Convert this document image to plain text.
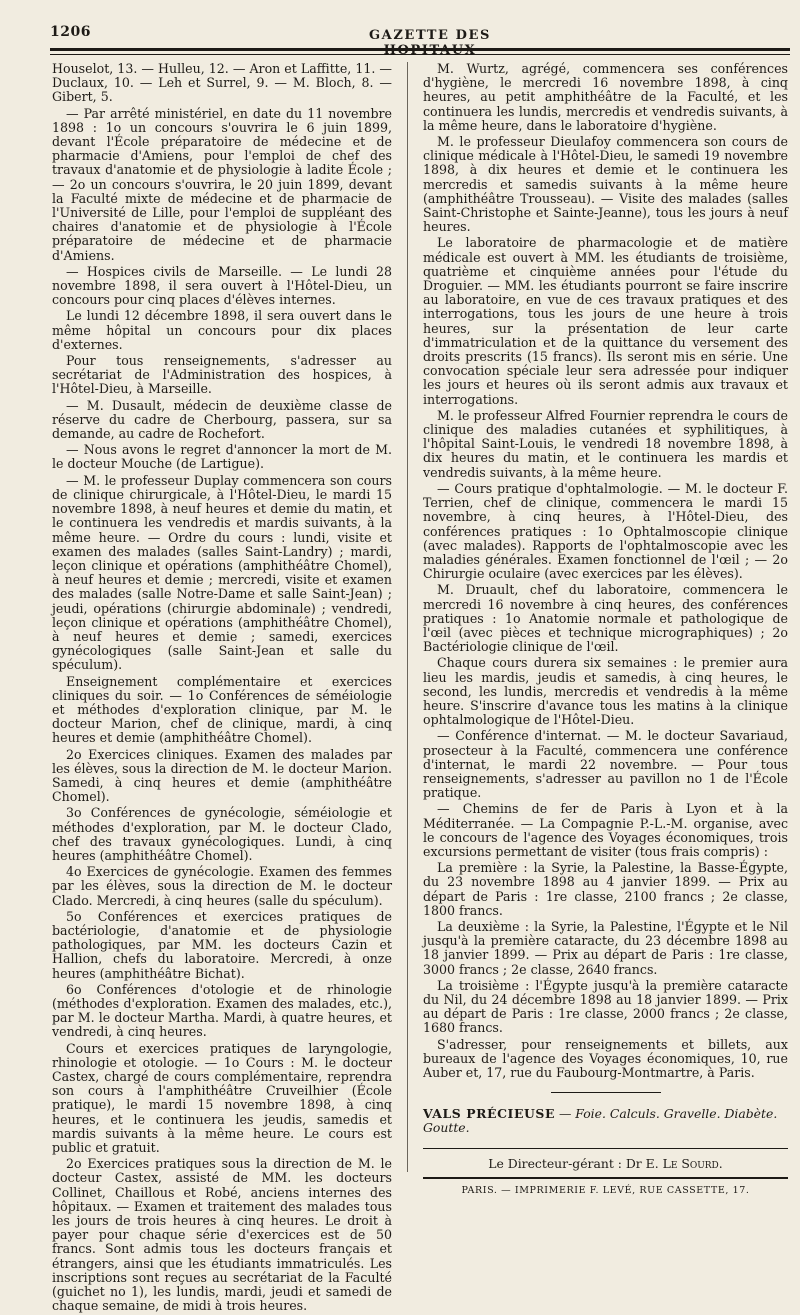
1206	GAZETTE DES HOPITAUX

Houselot, 13. — Hulleu, 12. — Aron et Laffitte, 11. — Duclaux, 10. — Leh et Surrel, 9. — M. Bloch, 8. — Gibert, 5.

— Par arrêté ministériel, en date du 11 novembre 1898 : 1o un concours s'ouvrira le 6 juin 1899, devant l'École préparatoire de médecine et de pharmacie d'Amiens, pour l'emploi de chef des travaux d'anatomie et de physiologie à ladite École ; — 2o un concours s'ouvrira, le 20 juin 1899, devant la Faculté mixte de médecine et de pharmacie de l'Université de Lille, pour l'emploi de suppléant des chaires d'anatomie et de physiologie à l'École préparatoire de médecine et de pharmacie d'Amiens.

— Hospices civils de Marseille. — Le lundi 28 novembre 1898, il sera ouvert à l'Hôtel-Dieu, un concours pour cinq places d'élèves internes.

Le lundi 12 décembre 1898, il sera ouvert dans le même hôpital un concours pour dix places d'externes.

Pour tous renseignements, s'adresser au secrétariat de l'Administration des hospices, à l'Hôtel-Dieu, à Marseille.

— M. Dusault, médecin de deuxième classe de réserve du cadre de Cherbourg, passera, sur sa demande, au cadre de Rochefort.

— Nous avons le regret d'annoncer la mort de M. le docteur Mouche (de Lartigue).

— M. le professeur Duplay commencera son cours de clinique chirurgicale, à l'Hôtel-Dieu, le mardi 15 novembre 1898, à neuf heures et demie du matin, et le continuera les vendredis et mardis suivants, à la même heure. — Ordre du cours : lundi, visite et examen des malades (salles Saint-Landry) ; mardi, leçon clinique et opérations (amphithéâtre Chomel), à neuf heures et demie ; mercredi, visite et examen des malades (salle Notre-Dame et salle Saint-Jean) ; jeudi, opérations (chirurgie abdominale) ; vendredi, leçon clinique et opérations (amphithéâtre Chomel), à neuf heures et demie ; samedi, exercices gynécologiques (salle Saint-Jean et salle du spéculum).

Enseignement complémentaire et exercices cliniques du soir. — 1o Conférences de séméiologie et méthodes d'exploration clinique, par M. le docteur Marion, chef de clinique, mardi, à cinq heures et demie (amphithéâtre Chomel).

2o Exercices cliniques. Examen des malades par les élèves, sous la direction de M. le docteur Marion. Samedi, à cinq heures et demie (amphithéâtre Chomel).

3o Conférences de gynécologie, séméiologie et méthodes d'exploration, par M. le docteur Clado, chef des travaux gynécologiques. Lundi, à cinq heures (amphithéâtre Chomel).

4o Exercices de gynécologie. Examen des femmes par les élèves, sous la direction de M. le docteur Clado. Mercredi, à cinq heures (salle du spéculum).

5o Conférences et exercices pratiques de bactériologie, d'anatomie et de physiologie pathologiques, par MM. les docteurs Cazin et Hallion, chefs du laboratoire. Mercredi, à onze heures (amphithéâtre Bichat).

6o Conférences d'otologie et de rhinologie (méthodes d'exploration. Examen des malades, etc.), par M. le docteur Martha. Mardi, à quatre heures, et vendredi, à cinq heures.

Cours et exercices pratiques de laryngologie, rhinologie et otologie. — 1o Cours : M. le docteur Castex, chargé de cours complémentaire, reprendra son cours à l'amphithéâtre Cruveilhier (École pratique), le mardi 15 novembre 1898, à cinq heures, et le continuera les jeudis, samedis et mardis suivants à la même heure. Le cours est public et gratuit.

2o Exercices pratiques sous la direction de M. le docteur Castex, assisté de MM. les docteurs Collinet, Chaillous et Robé, anciens internes des hôpitaux. — Examen et traitement des malades tous les jours de trois heures à cinq heures. Le droit à payer pour chaque série d'exercices est de 50 francs. Sont admis tous les docteurs français et étrangers, ainsi que les étudiants immatriculés. Les inscriptions sont reçues au secrétariat de la Faculté (guichet no 1), les lundis, mardi, jeudi et samedi de chaque semaine, de midi à trois heures.

M. Wurtz, agrégé, commencera ses conférences d'hygiène, le mercredi 16 novembre 1898, à cinq heures, au petit amphithéâtre de la Faculté, et les continuera les lundis, mercredis et vendredis suivants, à la même heure, dans le laboratoire d'hygiène.

M. le professeur Dieulafoy commencera son cours de clinique médicale à l'Hôtel-Dieu, le samedi 19 novembre 1898, à dix heures et demie et le continuera les mercredis et samedis suivants à la même heure (amphithéâtre Trousseau). — Visite des malades (salles Saint-Christophe et Sainte-Jeanne), tous les jours à neuf heures.

Le laboratoire de pharmacologie et de matière médicale est ouvert à MM. les étudiants de troisième, quatrième et cinquième années pour l'étude du Droguier. — MM. les étudiants pourront se faire inscrire au laboratoire, en vue de ces travaux pratiques et des interrogations, tous les jours de une heure à trois heures, sur la présentation de leur carte d'immatriculation et de la quittance du versement des droits prescrits (15 francs). Ils seront mis en série. Une convocation spéciale leur sera adressée pour indiquer les jours et heures où ils seront admis aux travaux et interrogations.

M. le professeur Alfred Fournier reprendra le cours de clinique des maladies cutanées et syphilitiques, à l'hôpital Saint-Louis, le vendredi 18 novembre 1898, à dix heures du matin, et le continuera les mardis et vendredis suivants, à la même heure.

— Cours pratique d'ophtalmologie. — M. le docteur F. Terrien, chef de clinique, commencera le mardi 15 novembre, à cinq heures, à l'Hôtel-Dieu, des conférences pratiques : 1o Ophtalmoscopie clinique (avec malades). Rapports de l'ophtalmoscopie avec les maladies générales. Examen fonctionnel de l'œil ; — 2o Chirurgie oculaire (avec exercices par les élèves).

M. Druault, chef du laboratoire, commencera le mercredi 16 novembre à cinq heures, des conférences pratiques : 1o Anatomie normale et pathologique de l'œil (avec pièces et technique micrographiques) ; 2o Bactériologie clinique de l'œil.

Chaque cours durera six semaines : le premier aura lieu les mardis, jeudis et samedis, à cinq heures, le second, les lundis, mercredis et vendredis à la même heure. S'inscrire d'avance tous les matins à la clinique ophtalmologique de l'Hôtel-Dieu.

— Conférence d'internat. — M. le docteur Savariaud, prosecteur à la Faculté, commencera une conférence d'internat, le mardi 22 novembre. — Pour tous renseignements, s'adresser au pavillon no 1 de l'École pratique.

— Chemins de fer de Paris à Lyon et à la Méditerranée. — La Compagnie P.-L.-M. organise, avec le concours de l'agence des Voyages économiques, trois excursions permettant de visiter (tous frais compris) :

La première : la Syrie, la Palestine, la Basse-Égypte, du 23 novembre 1898 au 4 janvier 1899. — Prix au départ de Paris : 1re classe, 2100 francs ; 2e classe, 1800 francs.

La deuxième : la Syrie, la Palestine, l'Égypte et le Nil jusqu'à la première cataracte, du 23 décembre 1898 au 18 janvier 1899. — Prix au départ de Paris : 1re classe, 3000 francs ; 2e classe, 2640 francs.

La troisième : l'Égypte jusqu'à la première cataracte du Nil, du 24 décembre 1898 au 18 janvier 1899. — Prix au départ de Paris : 1re classe, 2000 francs ; 2e classe, 1680 francs.

S'adresser, pour renseignements et billets, aux bureaux de l'agence des Voyages économiques, 10, rue Auber et, 17, rue du Faubourg-Montmartre, à Paris.

VALS PRÉCIEUSE — Foie. Calculs. Gravelle. Diabète. Goutte.
Le Directeur-gérant : Dr E. Le Sourd.
PARIS. — IMPRIMERIE F. LEVÉ, RUE CASSETTE, 17.
